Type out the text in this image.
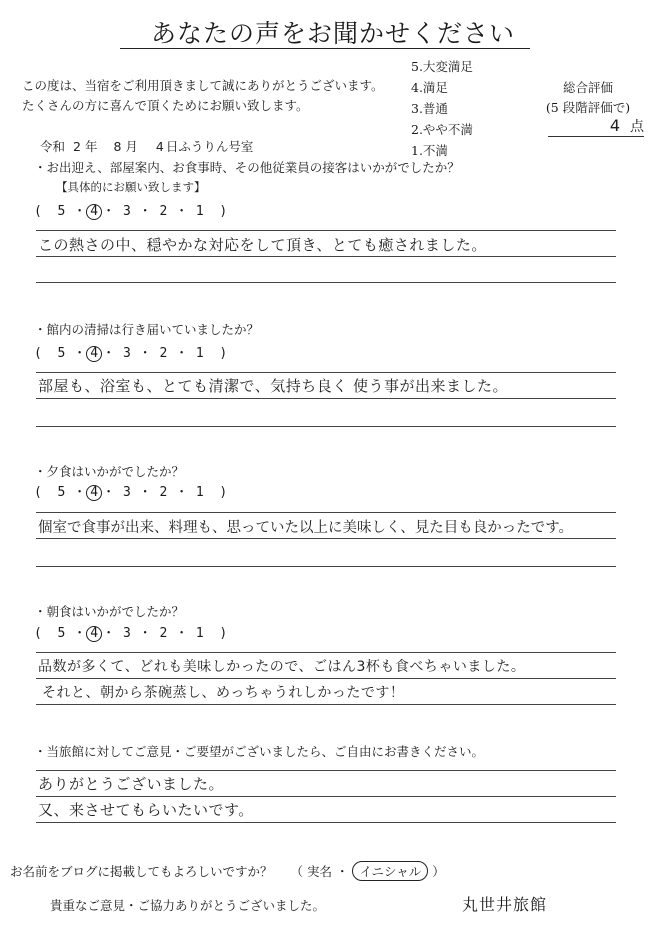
あなたの声をお聞かせください
この度は、当宿をご利用頂きまして誠にありがとうございます。
たくさんの方に喜んで頂くためにお願い致します。
5.大変満足
4.満足
3.普通
2.やや不満
1.不満
総合評価
(5 段階評価で)
4 点
令和 2 年 8 月 4 日ふうりん号室
・お出迎え、部屋案内、お食事時、その他従業員の接客はいかがでしたか？
【具体的にお願い致します】
(  5 ・ 4 ・ 3 ・ 2 ・ 1  )
この熱さの中、穏やかな対応をして頂き、とても癒されました。
・館内の清掃は行き届いていましたか？
(  5 ・ 4 ・ 3 ・ 2 ・ 1  )
部屋も、浴室も、とても清潔で、気持ち良く 使う事が出来ました。
・夕食はいかがでしたか？
(  5 ・ 4 ・ 3 ・ 2 ・ 1  )
個室で食事が出来、料理も、思っていた以上に美味しく、見た目も良かったです。
・朝食はいかがでしたか？
(  5 ・ 4 ・ 3 ・ 2 ・ 1  )
品数が多くて、どれも美味しかったので、ごはん3杯も食べちゃいました。
それと、朝から茶碗蒸し、めっちゃうれしかったです！
・当旅館に対してご意見・ご要望がございましたら、ご自由にお書きください。
ありがとうございました。
又、来させてもらいたいです。
お名前をブログに掲載してもよろしいですか？ （ 実名 ・ イニシャル ）
貴重なご意見・ご協力ありがとうございました。	丸世井旅館
